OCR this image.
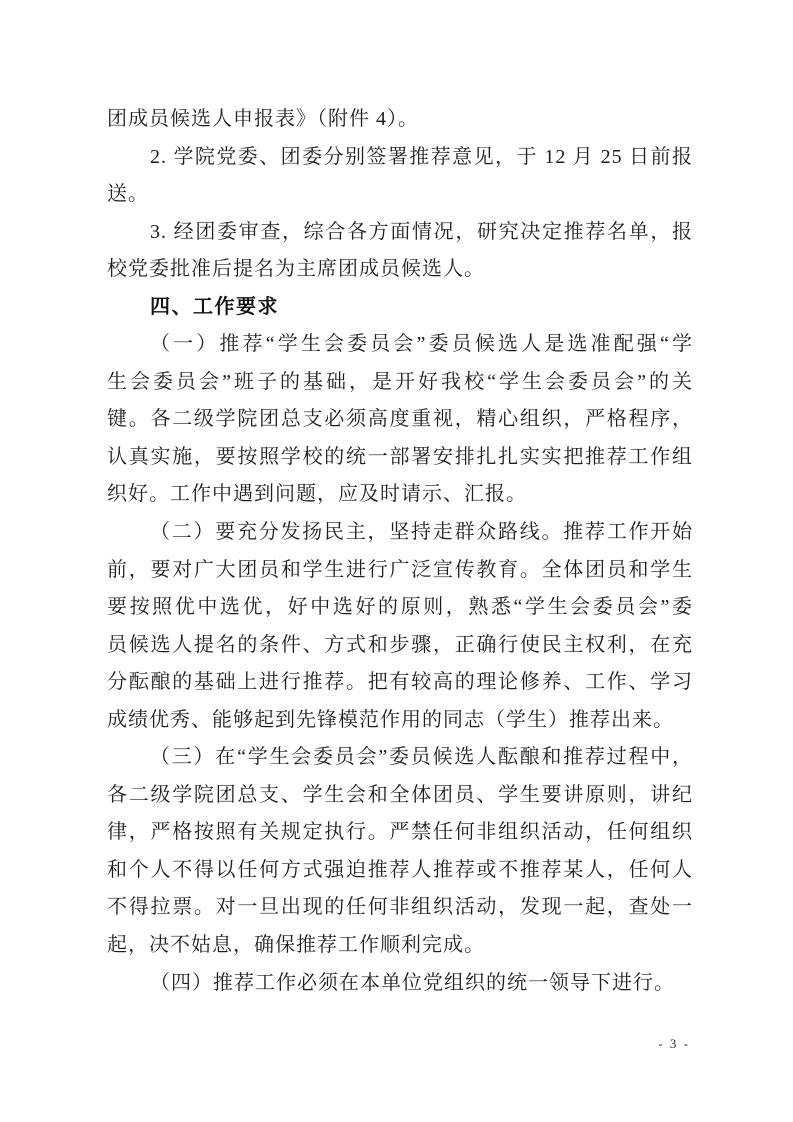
团成员候选人申报表》（附件 4）。
2. 学院党委、团委分别签署推荐意见，于 12 月 25 日前报
送。
3. 经团委审查，综合各方面情况，研究决定推荐名单，报
校党委批准后提名为主席团成员候选人。
四、工作要求
（一）推荐“学生会委员会”委员候选人是选准配强“学
生会委员会”班子的基础，是开好我校“学生会委员会”的关
键。各二级学院团总支必须高度重视，精心组织，严格程序，
认真实施，要按照学校的统一部署安排扎扎实实把推荐工作组
织好。工作中遇到问题，应及时请示、汇报。
（二）要充分发扬民主，坚持走群众路线。推荐工作开始
前，要对广大团员和学生进行广泛宣传教育。全体团员和学生
要按照优中选优，好中选好的原则，熟悉“学生会委员会”委
员候选人提名的条件、方式和步骤，正确行使民主权利，在充
分酝酿的基础上进行推荐。把有较高的理论修养、工作、学习
成绩优秀、能够起到先锋模范作用的同志（学生）推荐出来。
（三）在“学生会委员会”委员候选人酝酿和推荐过程中，
各二级学院团总支、学生会和全体团员、学生要讲原则，讲纪
律，严格按照有关规定执行。严禁任何非组织活动，任何组织
和个人不得以任何方式强迫推荐人推荐或不推荐某人，任何人
不得拉票。对一旦出现的任何非组织活动，发现一起，查处一
起，决不姑息，确保推荐工作顺利完成。
（四）推荐工作必须在本单位党组织的统一领导下进行。
- 3 -
